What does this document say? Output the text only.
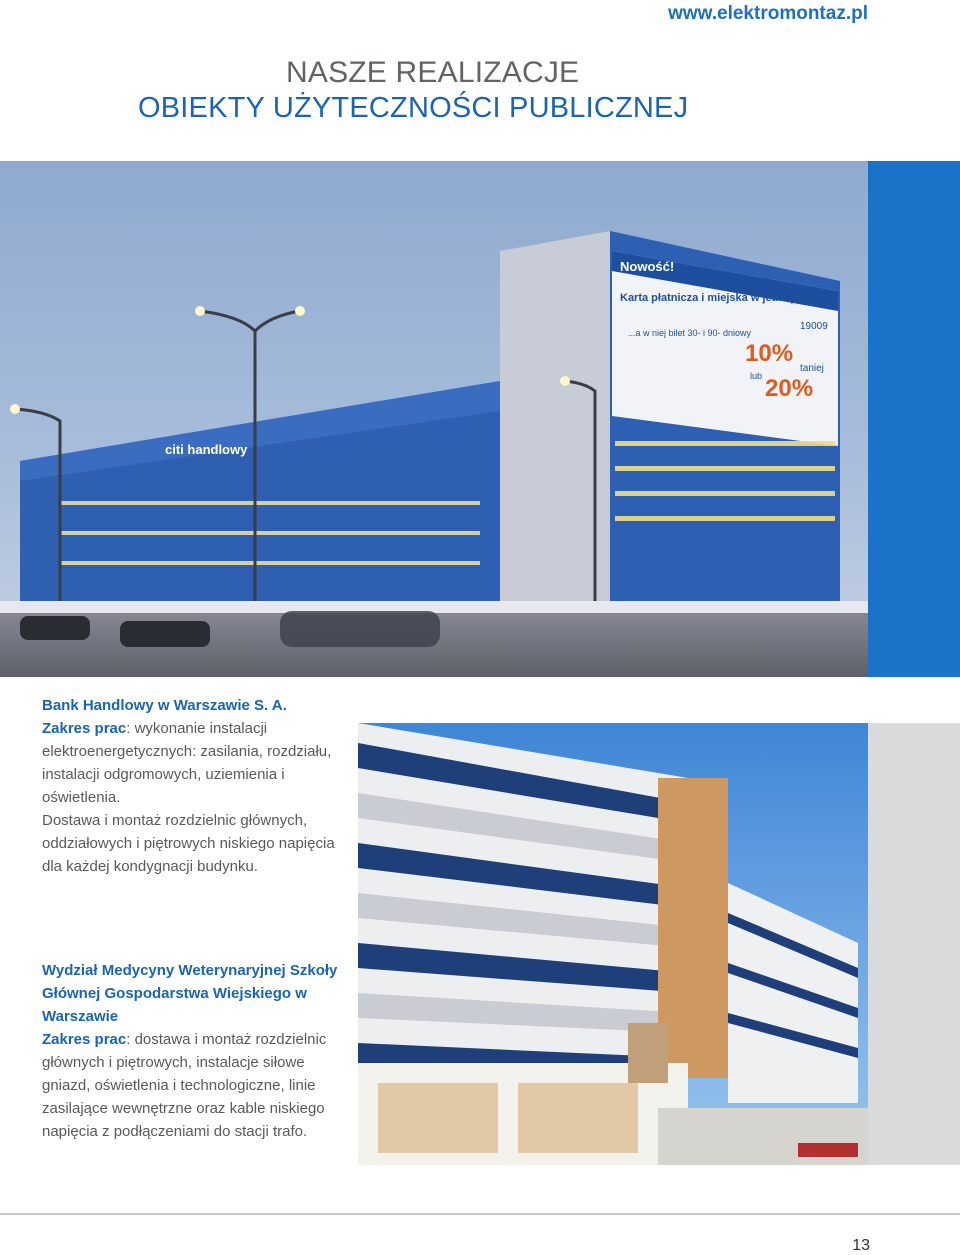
www.elektromontaz.pl
NASZE REALIZACJE
OBIEKTY UŻYTECZNOŚCI PUBLICZNEJ
Nowość!
Karta płatnicza i miejska w jednej
...a w niej bilet 30- i 90- dniowy
10%
lub 20%
taniej
19009
citi handlowy
Bank Handlowy w Warszawie S. A.
Zakres prac: wykonanie instalacji elektroenergetycznych: zasilania, rozdziału, instalacji odgromowych, uziemienia i oświetlenia.
Dostawa i montaż rozdzielnic głównych, oddziałowych i piętrowych niskiego napięcia dla każdej kondygnacji budynku.
Wydział Medycyny Weterynaryjnej Szkoły Głównej Gospodarstwa Wiejskiego w Warszawie
Zakres prac: dostawa i montaż rozdzielnic głównych i piętrowych, instalacje siłowe gniazd, oświetlenia i technologiczne, linie zasilające wewnętrzne oraz kable niskiego napięcia z podłączeniami do stacji trafo.
13
